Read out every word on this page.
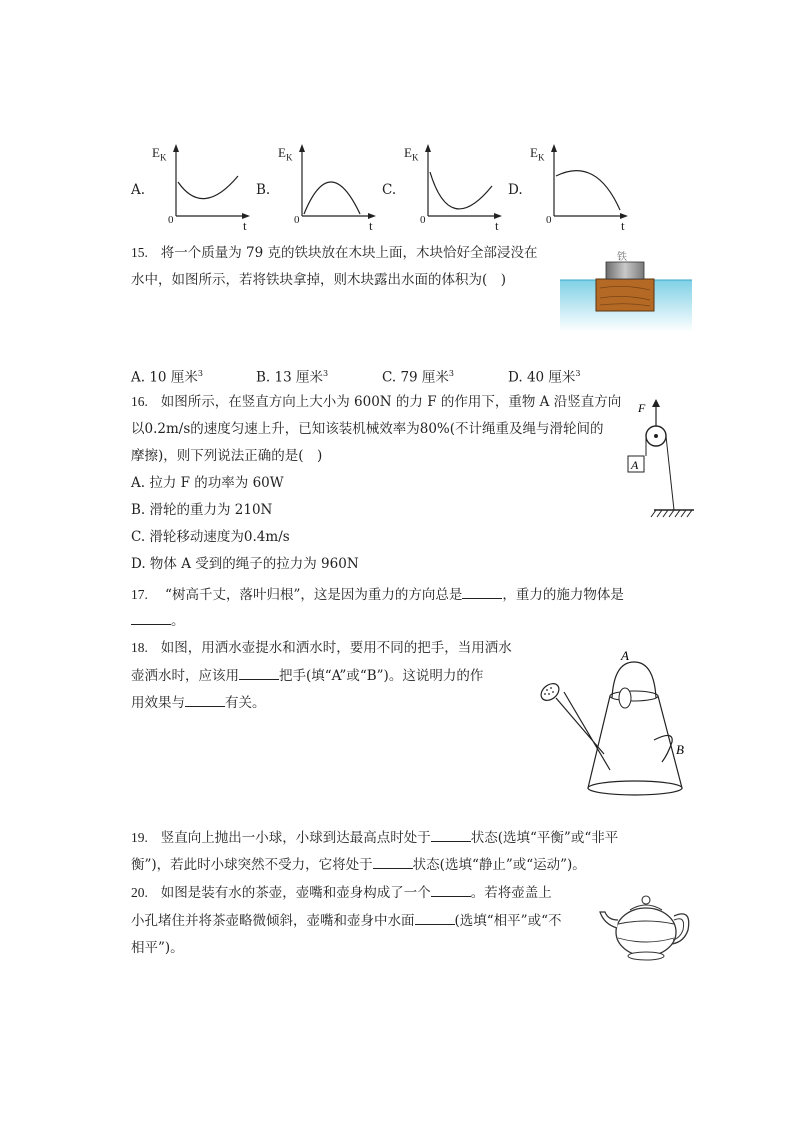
A.	B.	C.	D.
$E_K$	$E_K$	$E_K$	$E_K$
0	0	0	0
t	t	t	t
15. 将一个质量为 79 克的铁块放在木块上面，木块恰好全部浸没在
水中，如图所示，若将铁块拿掉，则木块露出水面的体积为(　)
铁
A. 10 厘米$^3$	B. 13 厘米$^3$	C. 79 厘米$^3$	D. 40 厘米$^3$
16. 如图所示，在竖直方向上大小为 600N 的力 F 的作用下，重物 A 沿竖直方向
以0.2m/s的速度匀速上升，已知该装机械效率为80%(不计绳重及绳与滑轮间的
摩擦)，则下列说法正确的是(　)
A. 拉力 F 的功率为 60W
B. 滑轮的重力为 210N
C. 滑轮移动速度为0.4m/s
D. 物体 A 受到的绳子的拉力为 960N
F
A
17. “树高千丈，落叶归根”，这是因为重力的方向总是	，重力的施力物体是
。
18. 如图，用洒水壶提水和洒水时，要用不同的把手，当用洒水
壶洒水时，应该用	把手(填“A”或“B”)。这说明力的作
用效果与	有关。
A
B
19. 竖直向上抛出一小球，小球到达最高点时处于	状态(选填“平衡”或“非平
衡”)，若此时小球突然不受力，它将处于	状态(选填“静止”或“运动”)。
20. 如图是装有水的茶壶，壶嘴和壶身构成了一个	。若将壶盖上
小孔堵住并将茶壶略微倾斜，壶嘴和壶身中水面	(选填“相平”或“不
相平”)。
